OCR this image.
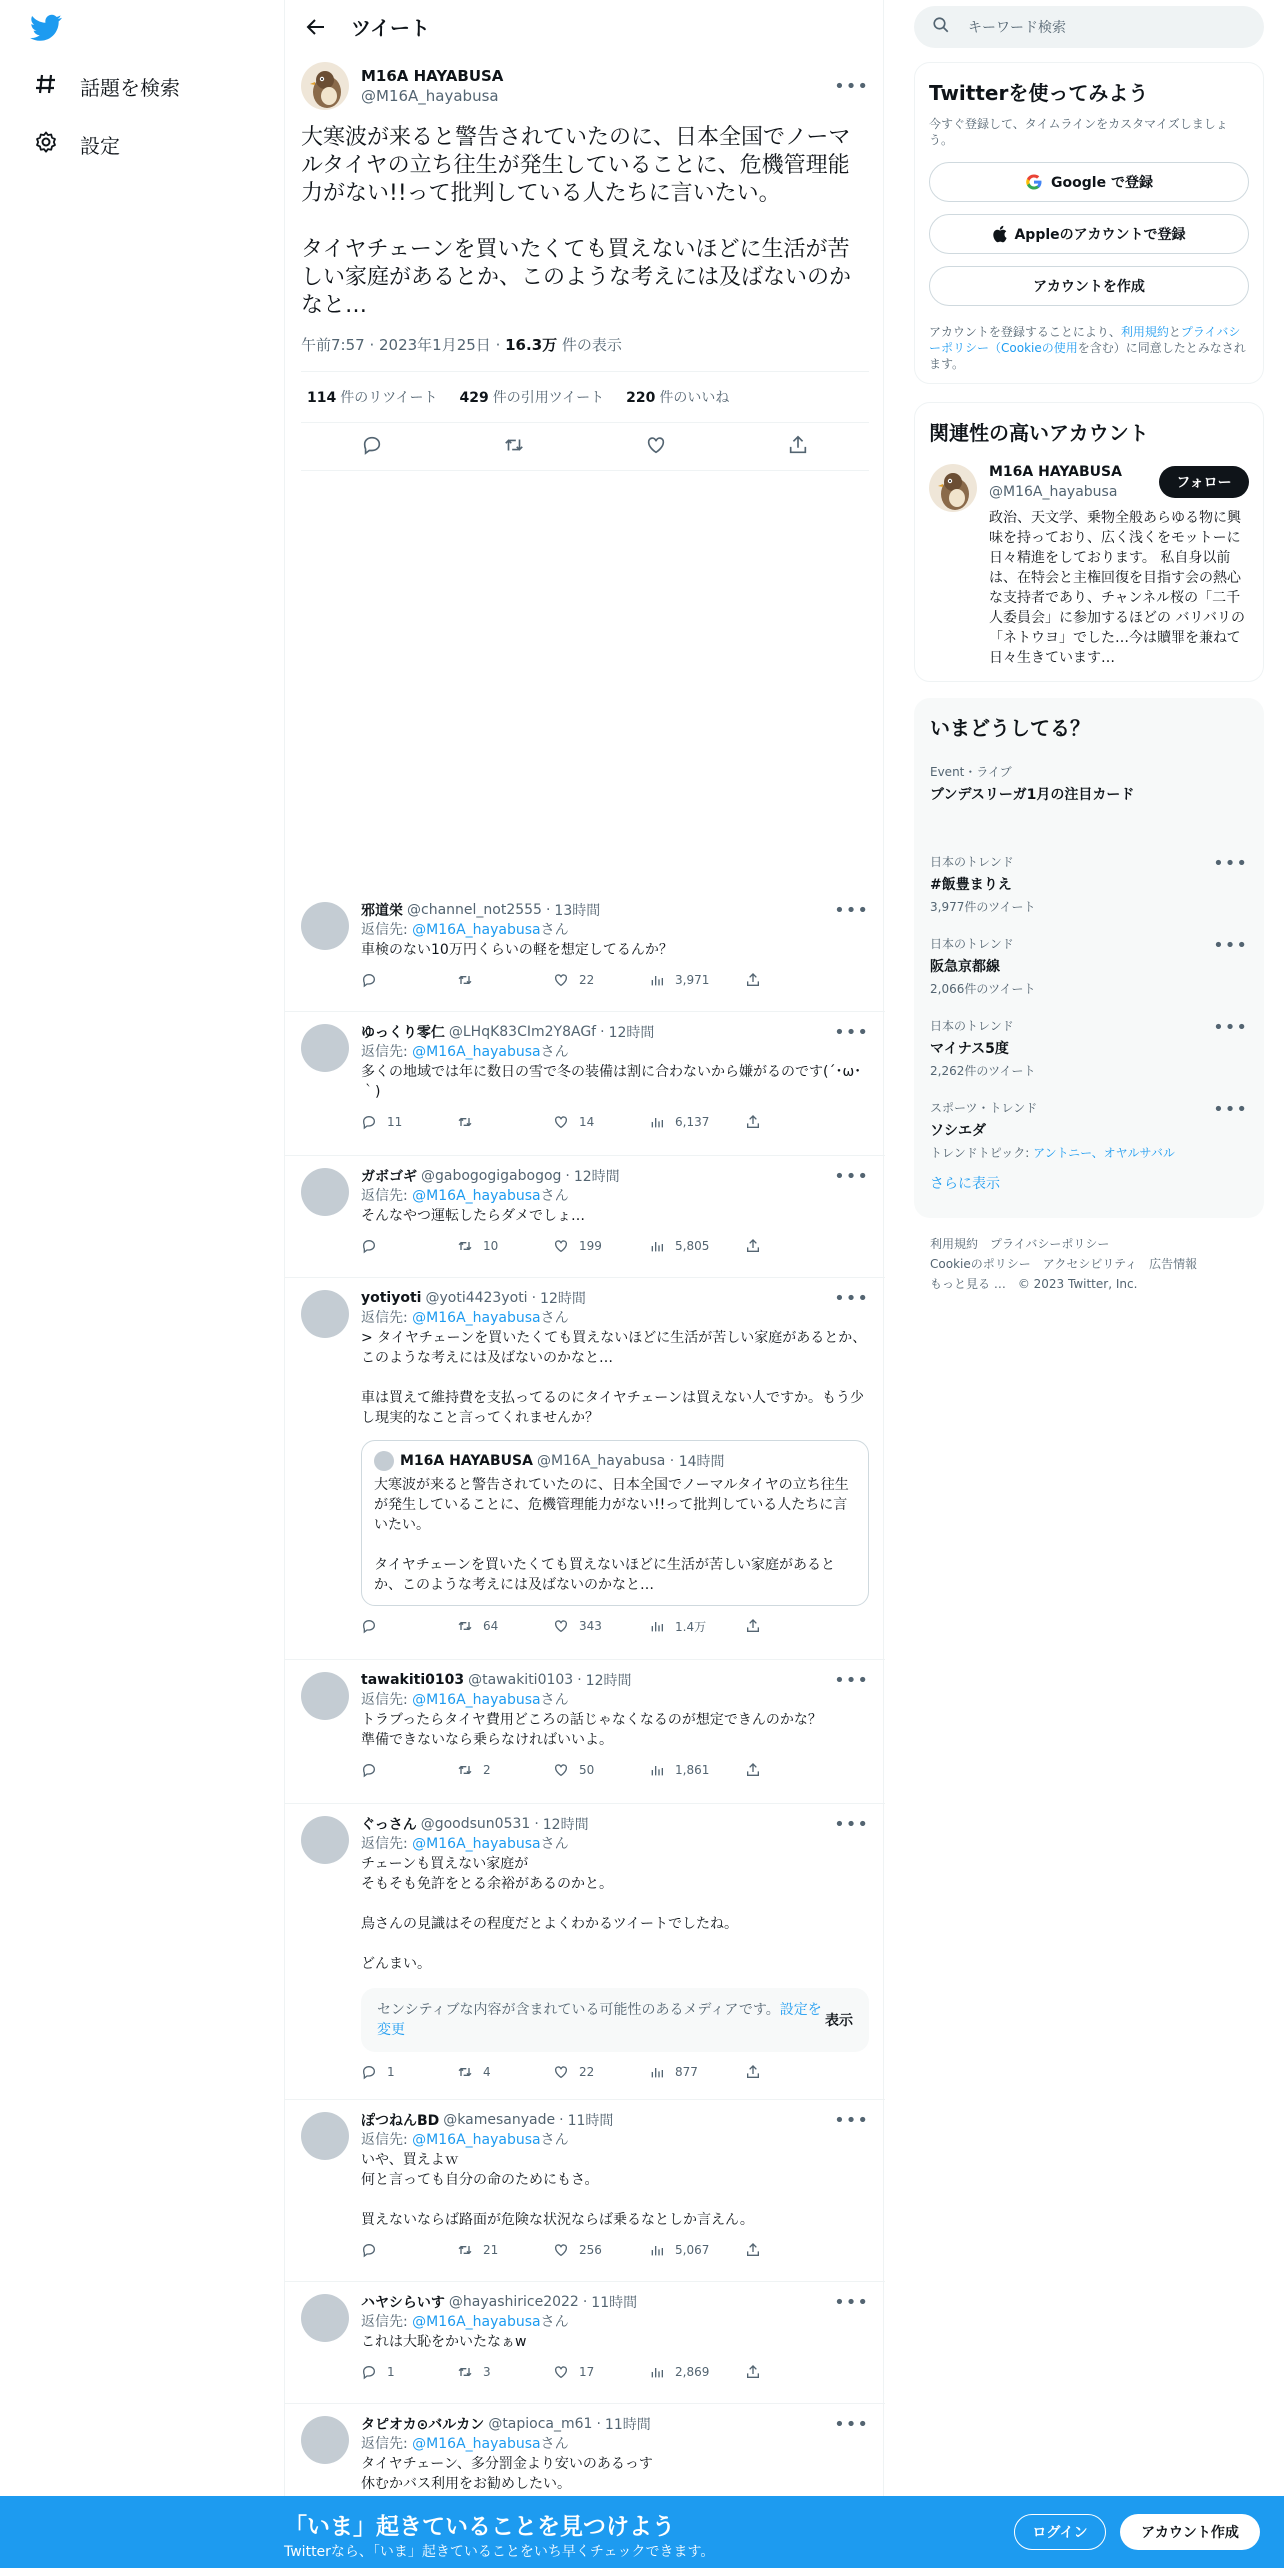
話題を検索
設定
ツイート
M16A HAYABUSA
@M16A_hayabusa	•••
大寒波が来ると警告されていたのに、日本全国でノーマルタイヤの立ち往生が発生していることに、危機管理能力がない!!って批判している人たちに言いたい。

タイヤチェーンを買いたくても買えないほどに生活が苦しい家庭があるとか、このような考えには及ばないのかなと…
午前7:57 · 2023年1月25日 · 16.3万 件の表示
114 件のリツイート 429 件の引用ツイート 220 件のいいね
邪道栄 @channel_not2555 · 13時間
返信先: @M16A_hayabusaさん
車検のない10万円くらいの軽を想定してるんか？
22	3,971
•••
ゆっくり零仁 @LHqK83CIm2Y8AGf · 12時間
返信先: @M16A_hayabusaさん
多くの地域では年に数日の雪で冬の装備は割に合わないから嫌がるのです(´･ω･｀)
11	14	6,137
•••
ガボゴギ @gabogogigabogog · 12時間
返信先: @M16A_hayabusaさん
そんなやつ運転したらダメでしょ…
10	199	5,805
•••
yotiyoti @yoti4423yoti · 12時間
返信先: @M16A_hayabusaさん
> タイヤチェーンを買いたくても買えないほどに生活が苦しい家庭があるとか、このような考えには及ばないのかなと…

車は買えて維持費を支払ってるのにタイヤチェーンは買えない人ですか。もう少し現実的なこと言ってくれませんか？
M16A HAYABUSA @M16A_hayabusa · 14時間
大寒波が来ると警告されていたのに、日本全国でノーマルタイヤの立ち往生が発生していることに、危機管理能力がない!!って批判している人たちに言いたい。

タイヤチェーンを買いたくても買えないほどに生活が苦しい家庭があるとか、このような考えには及ばないのかなと…
64	343	1.4万
•••
tawakiti0103 @tawakiti0103 · 12時間
返信先: @M16A_hayabusaさん
トラブったらタイヤ費用どころの話じゃなくなるのが想定できんのかな？
準備できないなら乗らなければいいよ。
2	50	1,861
•••
ぐっさん @goodsun0531 · 12時間
返信先: @M16A_hayabusaさん
チェーンも買えない家庭が
そもそも免許をとる余裕があるのかと。

鳥さんの見識はその程度だとよくわかるツイートでしたね。

どんまい。
センシティブな内容が含まれている可能性のあるメディアです。設定を変更
表示
1	4	22	877
•••
ぽつねんBD @kamesanyade · 11時間
返信先: @M16A_hayabusaさん
いや、買えよｗ
何と言っても自分の命のためにもさ。

買えないならば路面が危険な状況ならば乗るなとしか言えん。
21	256	5,067
•••
ハヤシらいす @hayashirice2022 · 11時間
返信先: @M16A_hayabusaさん
これは大恥をかいたなぁw
1	3	17	2,869
•••
タピオカ⊙バルカン @tapioca_m61 · 11時間
返信先: @M16A_hayabusaさん
タイヤチェーン、多分罰金より安いのあるっす
休むかバス利用をお勧めしたい。
•••
キーワード検索
Twitterを使ってみよう
今すぐ登録して、タイムラインをカスタマイズしましょう。
Google で登録
Appleのアカウントで登録
アカウントを作成
アカウントを登録することにより、利用規約とプライバシーポリシー（Cookieの使用を含む）に同意したとみなされます。
関連性の高いアカウント
M16A HAYABUSA
@M16A_hayabusa
フォロー
政治、天文学、乗物全般あらゆる物に興味を持っており、広く浅くをモットーに日々精進をしております。 私自身以前は、在特会と主権回復を目指す会の熱心な支持者であり、チャンネル桜の「二千人委員会」に参加するほどの バリバリの「ネトウヨ」でした…今は贖罪を兼ねて日々生きています…
いまどうしてる？
Event・ライブ
ブンデスリーガ1月の注目カード
日本のトレンド
#飯豊まりえ
3,977件のツイート
•••
日本のトレンド
阪急京都線
2,066件のツイート
•••
日本のトレンド
マイナス5度
2,262件のツイート
•••
スポーツ・トレンド
ソシエダ
トレンドトピック: アントニー、オヤルサバル
•••
さらに表示
利用規約　プライバシーポリシー
Cookieのポリシー　アクセシビリティ　広告情報
もっと見る …　© 2023 Twitter, Inc.
「いま」起きていることを見つけよう
Twitterなら、「いま」起きていることをいち早くチェックできます。
ログイン	アカウント作成
